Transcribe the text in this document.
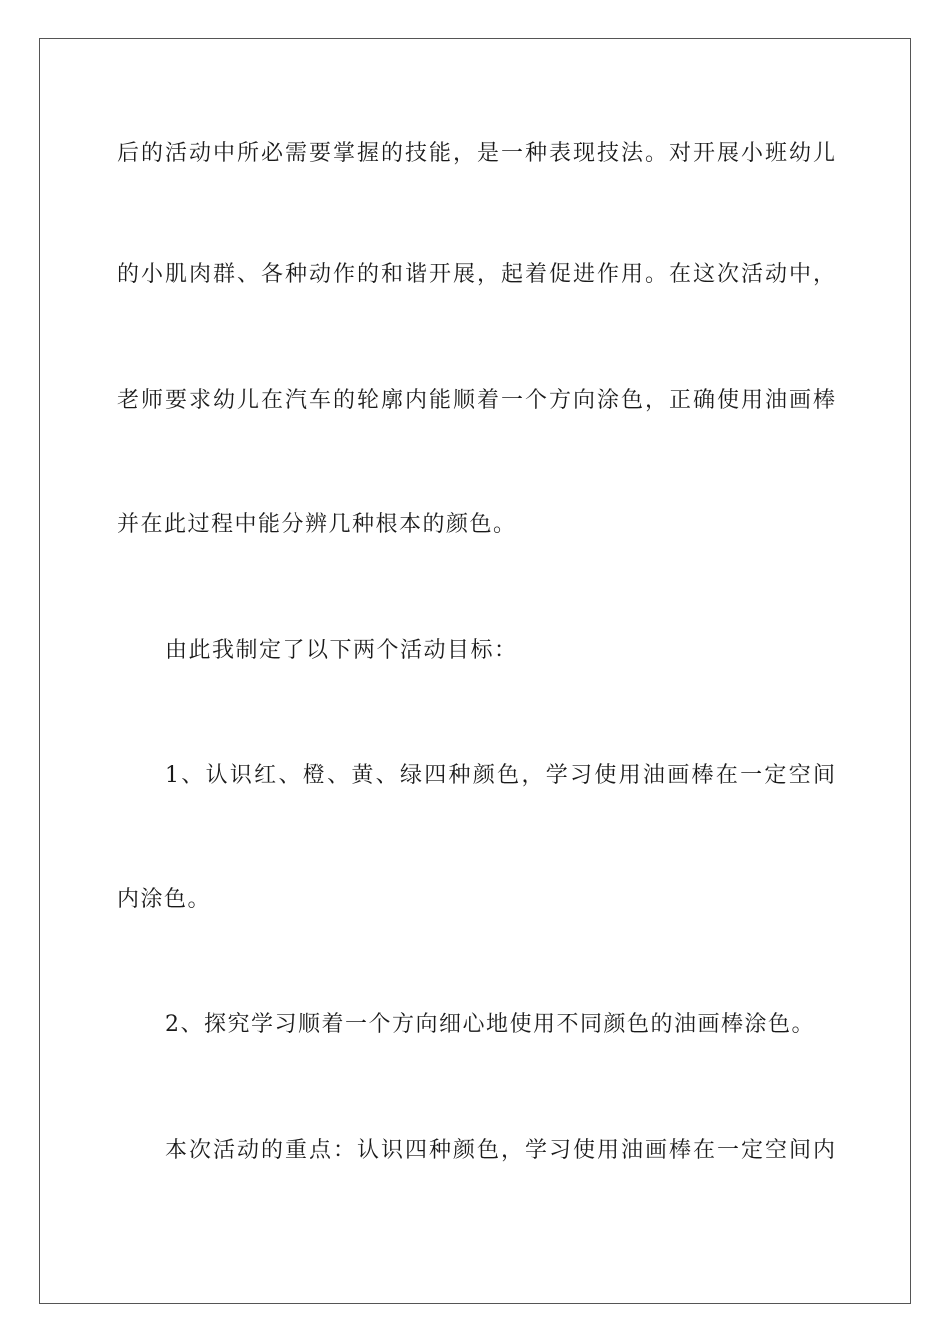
后的活动中所必需要掌握的技能，是一种表现技法。对开展小班幼儿
的小肌肉群、各种动作的和谐开展，起着促进作用。在这次活动中，
老师要求幼儿在汽车的轮廓内能顺着一个方向涂色，正确使用油画棒
并在此过程中能分辨几种根本的颜色。
由此我制定了以下两个活动目标：
1、认识红、橙、黄、绿四种颜色，学习使用油画棒在一定空间
内涂色。
2、探究学习顺着一个方向细心地使用不同颜色的油画棒涂色。
本次活动的重点：认识四种颜色，学习使用油画棒在一定空间内
